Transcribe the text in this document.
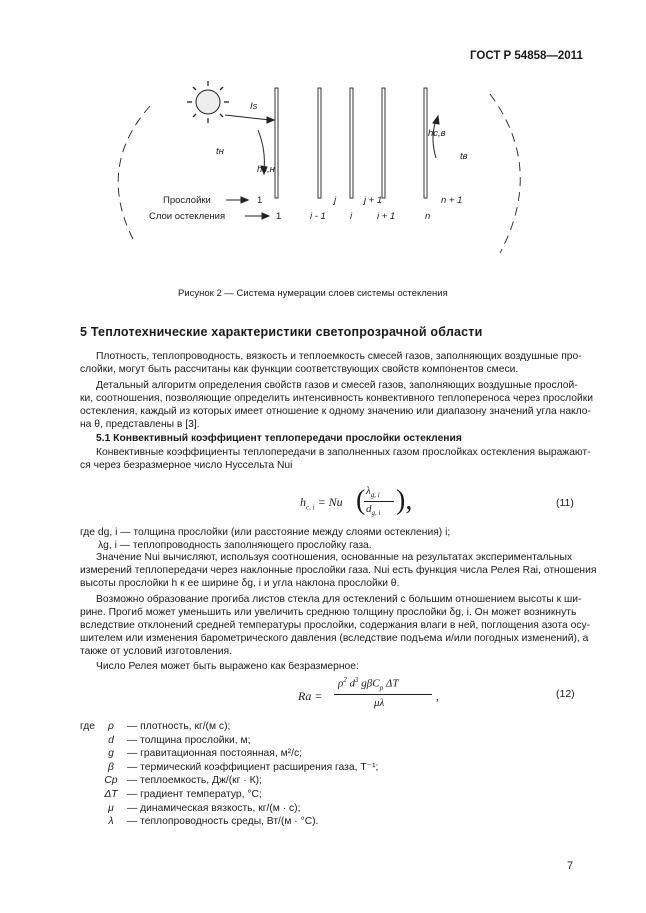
ГОСТ Р 54858—2011
Is
tн
hс,н
hс,в
tв
Прослойки
Слои остекления
1	j	j + 1	n + 1
1	i - 1	i	i + 1	n
Рисунок 2 — Система нумерации слоев системы остекления
5 Теплотехнические характеристики светопрозрачной области
Плотность, теплопроводность, вязкость и теплоемкость смесей газов, заполняющих воздушные про-
слойки, могут быть рассчитаны как функции соответствующих свойств компонентов смеси.
Детальный алгоритм определения свойств газов и смесей газов, заполняющих воздушные прослой-
ки, соотношения, позволяющие определить интенсивность конвективного теплопереноса через прослойки
остекления, каждый из которых имеет отношение к одному значению или диапазону значений угла накло-
на θ, представлены в [3].
5.1 Конвективный коэффициент теплопередачи прослойки остекления
Конвективные коэффициенты теплопередачи в заполненных газом прослойках остекления выражают-
ся через безразмерное число Нуссельта Nui
$h_{c, i} = Nu$ ( $\lambda_{g, i}$
$d_{g, i}$ ),	(11)
где dg, i — толщина прослойки (или расстояние между слоями остекления) i;
λg, i — теплопроводность заполняющего прослойку газа.
Значение Nui вычисляют, используя соотношения, основанные на результатах экспериментальных
измерений теплопередачи через наклонные прослойки газа. Nui есть функция числа Релея Rai, отношения
высоты прослойки h к ее ширине δg, i и угла наклона прослойки θ.
Возможно образование прогиба листов стекла для остеклений с большим отношением высоты к ши-
рине. Прогиб может уменьшить или увеличить среднюю толщину прослойки δg, i. Он может возникнуть
вследствие отклонений средней температуры прослойки, содержания влаги в ней, поглощения азота осу-
шителем или изменения барометрического давления (вследствие подъема и/или погодных изменений), а
также от условий изготовления.
Число Релея может быть выражено как безразмерное:
Ra =
$\rho^2$ $d^3$ gβC$_p$ ΔT
μλ	,	(12)
где	ρ	— плотность, кг/(м с);
d	— толщина прослойки, м;
g	— гравитационная постоянная, м²/с;
β	— термический коэффициент расширения газа, Т⁻¹;
Cp — теплоемкость, Дж/(кг · К);
ΔT — градиент температур, °С;
μ	— динамическая вязкость, кг/(м · с);
λ	— теплопроводность среды, Вт/(м · °С).
7
